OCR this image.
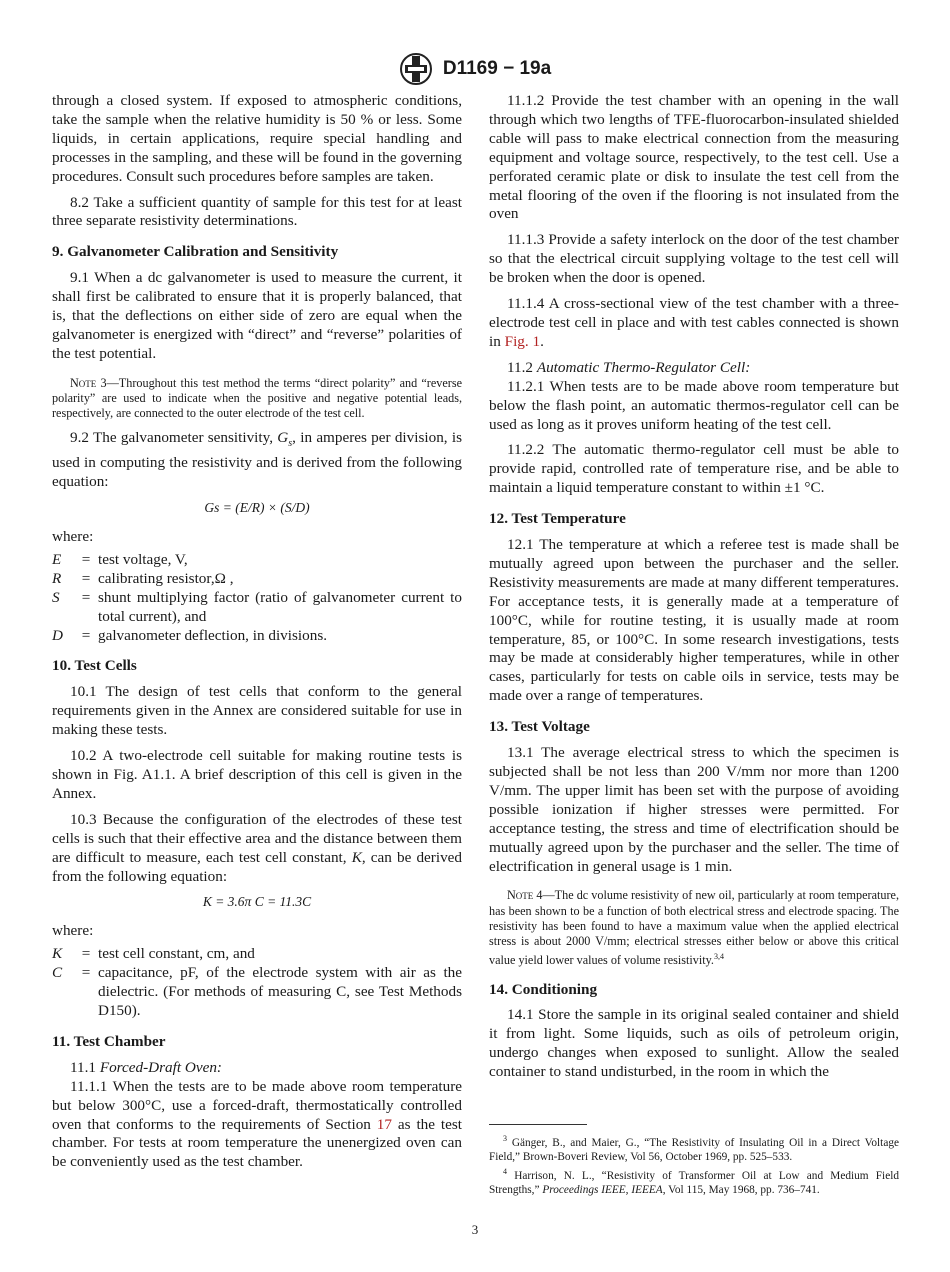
D1169 − 19a

through a closed system. If exposed to atmospheric conditions, take the sample when the relative humidity is 50 % or less. Some liquids, in certain applications, require special handling and processes in the sampling, and these will be found in the governing procedures. Consult such procedures before samples are taken.

8.2 Take a sufficient quantity of sample for this test for at least three separate resistivity determinations.

9. Galvanometer Calibration and Sensitivity

9.1 When a dc galvanometer is used to measure the current, it shall first be calibrated to ensure that it is properly balanced, that is, that the deflections on either side of zero are equal when the galvanometer is energized with “direct” and “reverse” polarities of the test potential.

Note 3—Throughout this test method the terms “direct polarity” and “reverse polarity” are used to indicate when the positive and negative potential leads, respectively, are connected to the outer electrode of the test cell.

9.2 The galvanometer sensitivity, $G_s$, in amperes per division, is used in computing the resistivity and is derived from the following equation:

Gs = (E/R) × (S/D)
where:
E	=	test voltage, V,
R	=	calibrating resistor,Ω ,
S	=	shunt multiplying factor (ratio of galvanometer current to total current), and
D	=	galvanometer deflection, in divisions.
10. Test Cells

10.1 The design of test cells that conform to the general requirements given in the Annex are considered suitable for use in making these tests.

10.2 A two-electrode cell suitable for making routine tests is shown in Fig. A1.1. A brief description of this cell is given in the Annex.

10.3 Because the configuration of the electrodes of these test cells is such that their effective area and the distance between them are difficult to measure, each test cell constant, K, can be derived from the following equation:

K = 3.6π C = 11.3C
where:
K	=	test cell constant, cm, and
C	=	capacitance, pF, of the electrode system with air as the dielectric. (For methods of measuring C, see Test Methods D150).
11. Test Chamber

11.1 Forced-Draft Oven:

11.1.1 When the tests are to be made above room temperature but below 300°C, use a forced-draft, thermostatically controlled oven that conforms to the requirements of Section 17 as the test chamber. For tests at room temperature the unenergized oven can be conveniently used as the test chamber.

11.1.2 Provide the test chamber with an opening in the wall through which two lengths of TFE-fluorocarbon-insulated shielded cable will pass to make electrical connection from the measuring equipment and voltage source, respectively, to the test cell. Use a perforated ceramic plate or disk to insulate the test cell from the metal flooring of the oven if the flooring is not insulated from the oven

11.1.3 Provide a safety interlock on the door of the test chamber so that the electrical circuit supplying voltage to the test cell will be broken when the door is opened.

11.1.4 A cross-sectional view of the test chamber with a three-electrode test cell in place and with test cables connected is shown in Fig. 1.

11.2 Automatic Thermo-Regulator Cell:

11.2.1 When tests are to be made above room temperature but below the flash point, an automatic thermos-regulator cell can be used as long as it proves uniform heating of the test cell.

11.2.2 The automatic thermo-regulator cell must be able to provide rapid, controlled rate of temperature rise, and be able to maintain a liquid temperature constant to within ±1 °C.

12. Test Temperature

12.1 The temperature at which a referee test is made shall be mutually agreed upon between the purchaser and the seller. Resistivity measurements are made at many different temperatures. For acceptance tests, it is generally made at a temperature of 100°C, while for routine testing, it is usually made at room temperature, 85, or 100°C. In some research investigations, tests may be made at considerably higher temperatures, while in other cases, particularly for tests on cable oils in service, tests may be made over a range of temperatures.

13. Test Voltage

13.1 The average electrical stress to which the specimen is subjected shall be not less than 200 V/mm nor more than 1200 V/mm. The upper limit has been set with the purpose of avoiding possible ionization if higher stresses were permitted. For acceptance testing, the stress and time of electrification should be mutually agreed upon by the purchaser and the seller. The time of electrification in general usage is 1 min.

Note 4—The dc volume resistivity of new oil, particularly at room temperature, has been shown to be a function of both electrical stress and electrode spacing. The resistivity has been found to have a maximum value when the applied electrical stress is about 2000 V/mm; electrical stresses either below or above this critical value yield lower values of volume resistivity.$^{3,4}$
14. Conditioning

14.1 Store the sample in its original sealed container and shield it from light. Some liquids, such as oils of petroleum origin, undergo changes when exposed to sunlight. Allow the sealed container to stand undisturbed, in the room in which the

$^3$ Gänger, B., and Maier, G., “The Resistivity of Insulating Oil in a Direct Voltage Field,” Brown-Boveri Review, Vol 56, October 1969, pp. 525–533.

$^4$ Harrison, N. L., “Resistivity of Transformer Oil at Low and Medium Field Strengths,” Proceedings IEEE, IEEEA, Vol 115, May 1968, pp. 736–741.

3
